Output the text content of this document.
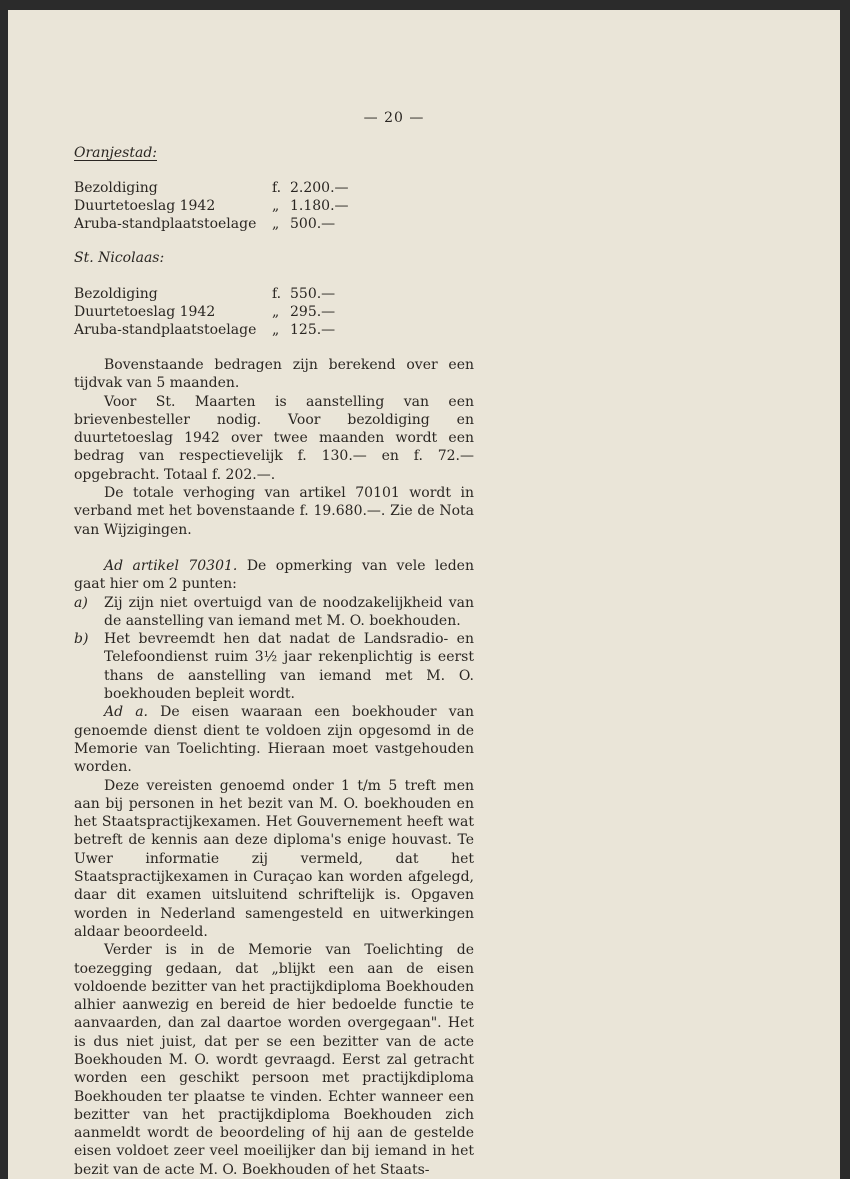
— 20 —
Oranjestad:
Bezoldiging	f. 2.200.—
Duurtetoeslag 1942	„ 1.180.—
Aruba-standplaatstoelage „ 500.—
St. Nicolaas:
Bezoldiging	f. 550.—
Duurtetoeslag 1942	„ 295.—
Aruba-standplaatstoelage „ 125.—

Bovenstaande bedragen zijn berekend over een tijdvak van 5 maanden.

Voor St. Maarten is aanstelling van een brievenbesteller nodig. Voor bezoldiging en duurtetoeslag 1942 over twee maanden wordt een bedrag van respectievelijk f. 130.— en f. 72.— opgebracht. Totaal f. 202.—.

De totale verhoging van artikel 70101 wordt in verband met het bovenstaande f. 19.680.—. Zie de Nota van Wijzigingen.

Ad artikel 70301. De opmerking van vele leden gaat hier om 2 punten:

a) Zij zijn niet overtuigd van de noodzakelijkheid van de aanstelling van iemand met M. O. boekhouden.

b) Het bevreemdt hen dat nadat de Landsradio- en Telefoondienst ruim 3½ jaar rekenplichtig is eerst thans de aanstelling van iemand met M. O. boekhouden bepleit wordt.

Ad a. De eisen waaraan een boekhouder van genoemde dienst dient te voldoen zijn opgesomd in de Memorie van Toelichting. Hieraan moet vastgehouden worden.

Deze vereisten genoemd onder 1 t/m 5 treft men aan bij personen in het bezit van M. O. boekhouden en het Staatspractijkexamen. Het Gouvernement heeft wat betreft de kennis aan deze diploma's enige houvast. Te Uwer informatie zij vermeld, dat het Staatspractijkexamen in Curaçao kan worden afgelegd, daar dit examen uitsluitend schriftelijk is. Opgaven worden in Nederland samengesteld en uitwerkingen aldaar beoordeeld.

Verder is in de Memorie van Toelichting de toezegging gedaan, dat „blijkt een aan de eisen voldoende bezitter van het practijkdiploma Boekhouden alhier aanwezig en bereid de hier bedoelde functie te aanvaarden, dan zal daartoe worden overgegaan". Het is dus niet juist, dat per se een bezitter van de acte Boekhouden M. O. wordt gevraagd. Eerst zal getracht worden een geschikt persoon met practijkdiploma Boekhouden ter plaatse te vinden. Echter wanneer een bezitter van het practijkdiploma Boekhouden zich aanmeldt wordt de beoordeling of hij aan de gestelde eisen voldoet zeer veel moeilijker dan bij iemand in het bezit van de acte M. O. Boekhouden of het Staats-
